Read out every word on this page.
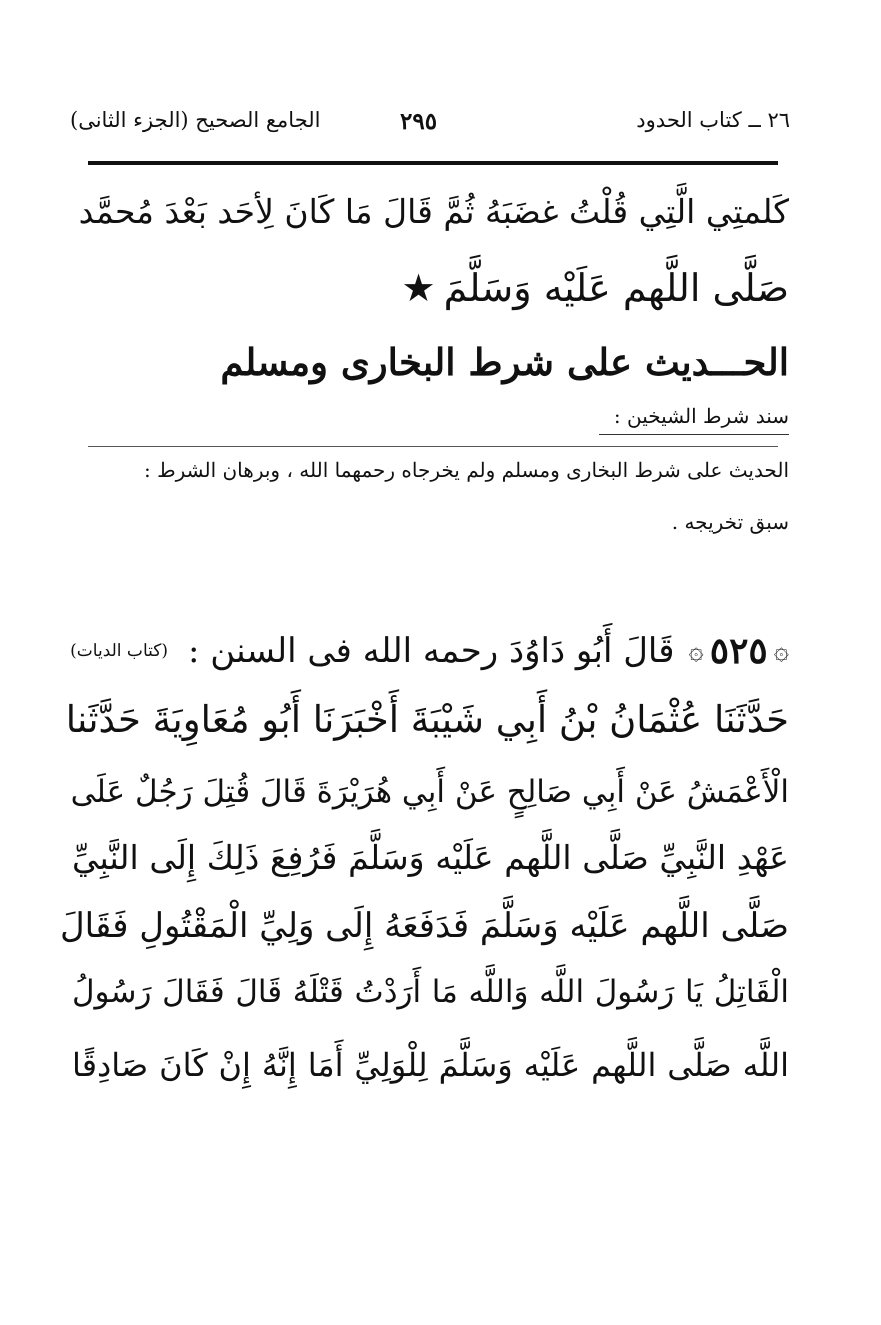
٢٦ ــ كتاب الحدود
٢٩٥
الجامع الصحيح (الجزء الثانى)
كَلمتِي الَّتِي قُلْتُ غضَبَهُ ثُمَّ قَالَ مَا كَانَ لِأحَد بَعْدَ مُحمَّد
صَلَّى اللَّهم عَلَيْه وَسَلَّمَ★
الحـــديث على شرط البخارى ومسلم
سند شرط الشيخين :
الحديث على شرط البخارى ومسلم ولم يخرجاه رحمهما الله ، وبرهان الشرط :
سبق تخريجه .
۞
٥٢٥
۞
قَالَ أَبُو دَاوُدَ رحمه الله فى السنن :
(كتاب الديات)
حَدَّثَنَا عُثْمَانُ بْنُ أَبِي شَيْبَةَ أَخْبَرَنَا أَبُو مُعَاوِيَةَ حَدَّثَنا
الْأَعْمَشُ عَنْ أَبِي صَالِحٍ عَنْ أَبِي هُرَيْرَةَ قَالَ قُتِلَ رَجُلٌ عَلَى
عَهْدِ النَّبِيِّ صَلَّى اللَّهم عَلَيْه وَسَلَّمَ فَرُفِعَ ذَلِكَ إِلَى النَّبِيِّ
صَلَّى اللَّهم عَلَيْه وَسَلَّمَ فَدَفَعَهُ إِلَى وَلِيِّ الْمَقْتُولِ فَقَالَ
الْقَاتِلُ يَا رَسُولَ اللَّه وَاللَّه مَا أَرَدْتُ قَتْلَهُ قَالَ فَقَالَ رَسُولُ
اللَّه صَلَّى اللَّهم عَلَيْه وَسَلَّمَ لِلْوَلِيِّ أَمَا إِنَّهُ إِنْ كَانَ صَادِقًا
